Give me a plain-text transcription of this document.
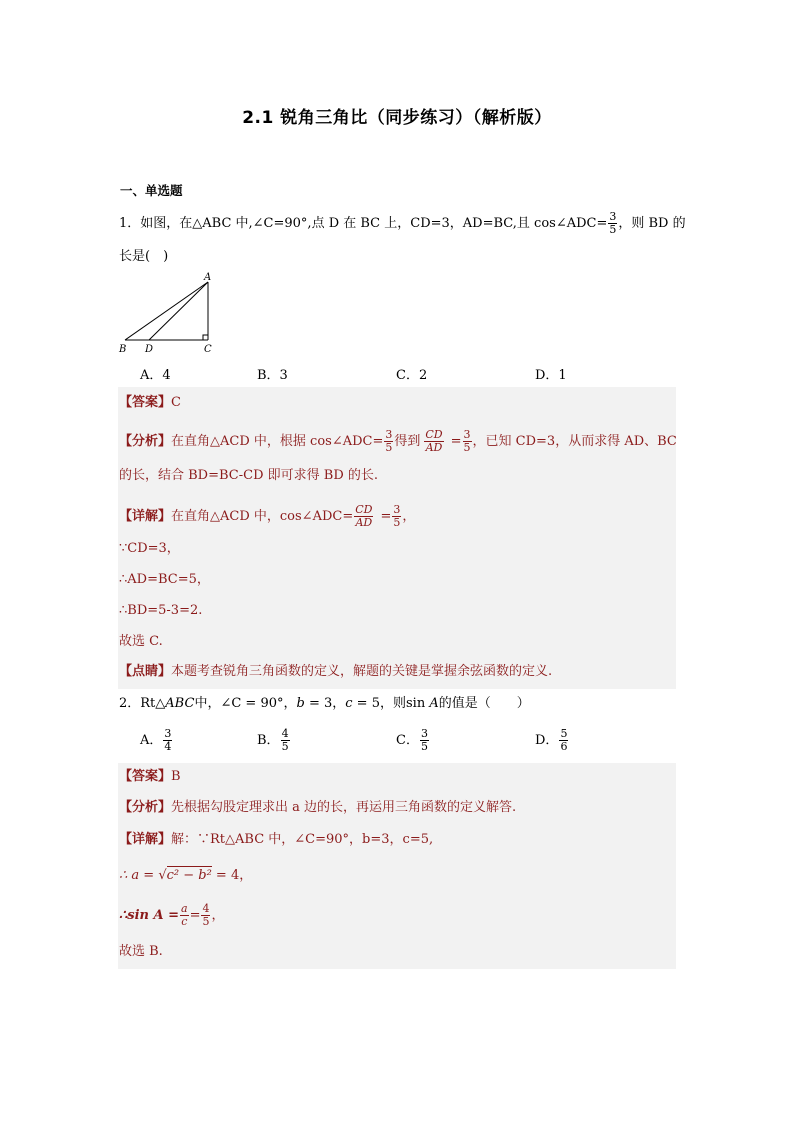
2.1 锐角三角比（同步练习）（解析版）
一、单选题
1．如图，在△ABC 中,∠C=90°,点 D 在 BC 上，CD=3，AD=BC,且 cos∠ADC= $\frac{3}{5}$ ，则 BD 的
长是(　)
A
B D	C
A．4	B．3	C．2	D．1
【答案】C
【分析】在直角△ACD 中，根据 cos∠ADC= $\frac{3}{5}$ 得到 $\frac{CD}{AD} = \frac{3}{5}$ ，已知 CD=3，从而求得 AD、BC
的长，结合 BD=BC-CD 即可求得 BD 的长.
【详解】在直角△ACD 中，cos∠ADC= $\frac{CD}{AD} = \frac{3}{5}$ ，
∵CD=3，
∴AD=BC=5，
∴BD=5-3=2.
故选 C.
【点睛】本题考查锐角三角函数的定义，解题的关键是掌握余弦函数的定义.
2．Rt△ABC中，∠C = 90°，b = 3，c = 5，则sin A的值是（　　）
A． $\frac{3}{4}$	B． $\frac{4}{5}$	C． $\frac{3}{5}$	D． $\frac{5}{6}$
【答案】B
【分析】先根据勾股定理求出 a 边的长，再运用三角函数的定义解答.
【详解】解：∵Rt△ABC 中，∠C=90°，b=3，c=5,
∴ a = √c² − b² = 4，
∴sin $A = \frac{a}{c} = \frac{4}{5}$ ，
故选 B.
